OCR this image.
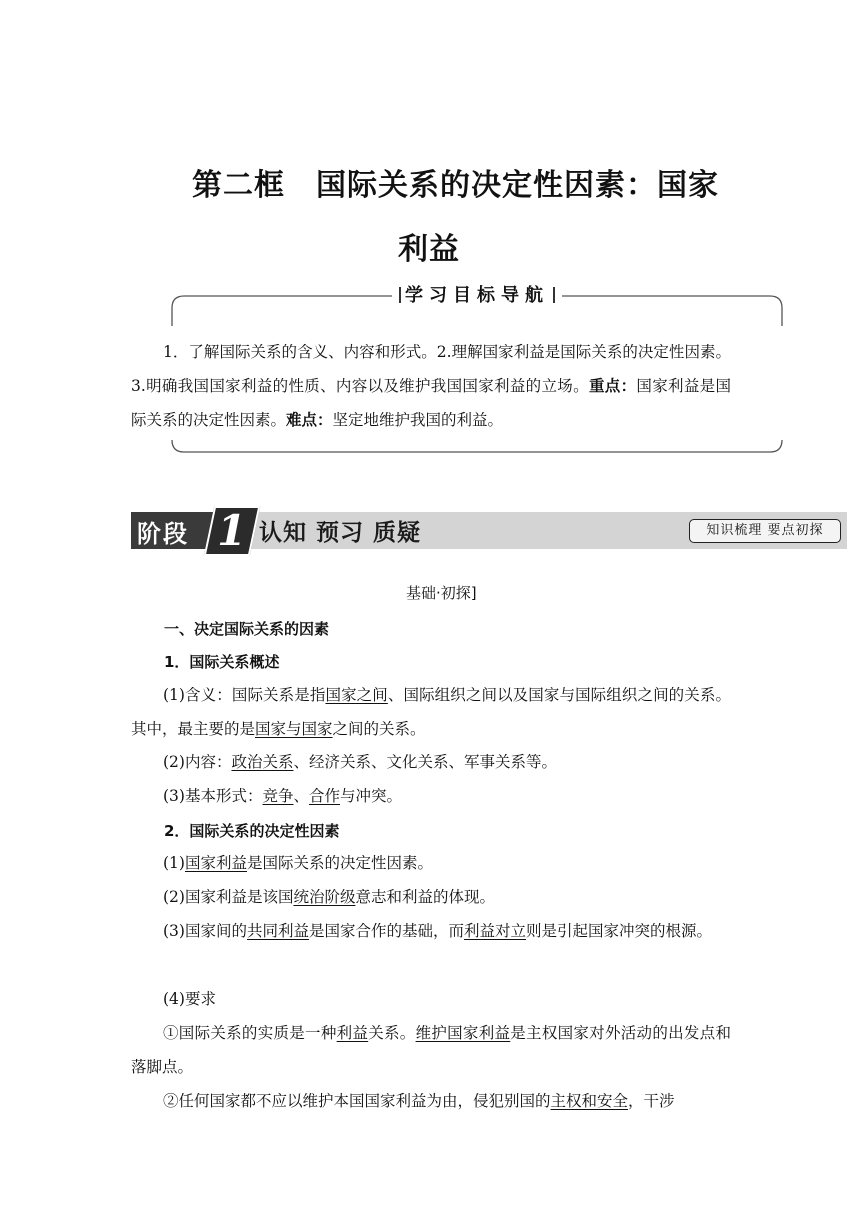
第二框　国际关系的决定性因素：国家
利益
学习目标导航
1．了解国际关系的含义、内容和形式。2.理解国家利益是国际关系的决定性因素。3.明确我国国家利益的性质、内容以及维护我国国家利益的立场。重点：国家利益是国际关系的决定性因素。难点：坚定地维护我国的利益。
阶段 1 认知 预习 质疑	知识梳理 要点初探
基础·初探]
一、决定国际关系的因素
1．国际关系概述
(1)含义：国际关系是指国家之间、国际组织之间以及国家与国际组织之间的关系。其中，最主要的是国家与国家之间的关系。
(2)内容：政治关系、经济关系、文化关系、军事关系等。
(3)基本形式：竞争、合作与冲突。
2．国际关系的决定性因素
(1)国家利益是国际关系的决定性因素。
(2)国家利益是该国统治阶级意志和利益的体现。
(3)国家间的共同利益是国家合作的基础，而利益对立则是引起国家冲突的根源。
(4)要求
①国际关系的实质是一种利益关系。维护国家利益是主权国家对外活动的出发点和落脚点。
②任何国家都不应以维护本国国家利益为由，侵犯别国的主权和安全，干涉
